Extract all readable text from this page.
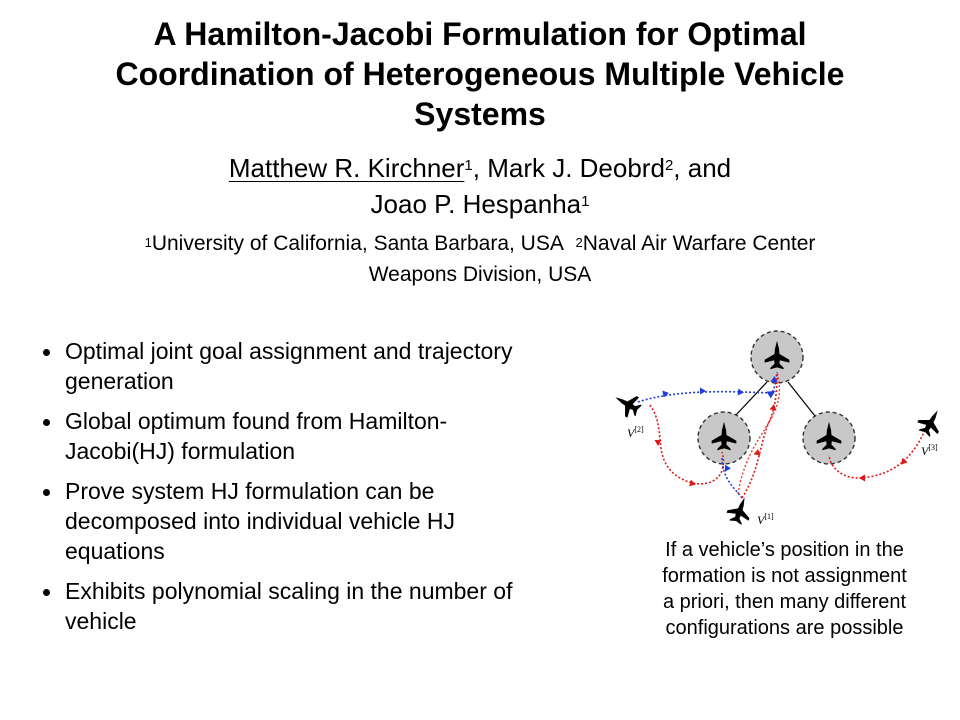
A Hamilton-Jacobi Formulation for Optimal
Coordination of Heterogeneous Multiple Vehicle
Systems
Matthew R. Kirchner$^1$, Mark J. Deobrd$^2$, and
Joao P. Hespanha$^1$
$^1$University of California, Santa Barbara, USA $^2$Naval Air Warfare Center
Weapons Division, USA
Optimal joint goal assignment and trajectory
generation
Global optimum found from Hamilton-
Jacobi(HJ) formulation
Prove system HJ formulation can be
decomposed into individual vehicle HJ
equations
Exhibits polynomial scaling in the number of
vehicle
V[2]
V[1]
V[3]
If a vehicle’s position in the
formation is not assignment
a priori, then many different
configurations are possible
